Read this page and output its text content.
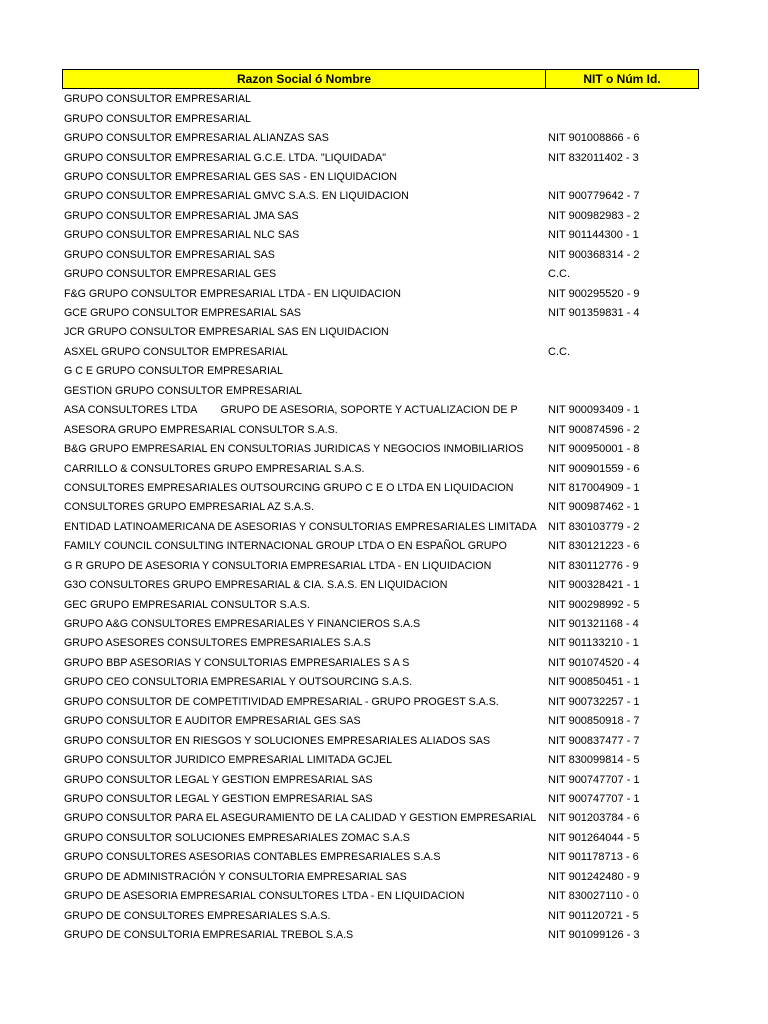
Razon Social ó Nombre	NIT o Núm Id.
GRUPO CONSULTOR EMPRESARIAL
GRUPO CONSULTOR EMPRESARIAL
GRUPO CONSULTOR EMPRESARIAL ALIANZAS SAS	NIT 901008866 - 6
GRUPO CONSULTOR EMPRESARIAL G.C.E. LTDA. "LIQUIDADA"	NIT 832011402 - 3
GRUPO CONSULTOR EMPRESARIAL GES SAS - EN LIQUIDACION
GRUPO CONSULTOR EMPRESARIAL GMVC S.A.S. EN LIQUIDACION	NIT 900779642 - 7
GRUPO CONSULTOR EMPRESARIAL JMA SAS	NIT 900982983 - 2
GRUPO CONSULTOR EMPRESARIAL NLC SAS	NIT 901144300 - 1
GRUPO CONSULTOR EMPRESARIAL SAS	NIT 900368314 - 2
GRUPO CONSULTOR EMPRESARIAL GES	C.C.
F&G GRUPO CONSULTOR EMPRESARIAL LTDA - EN LIQUIDACION	NIT 900295520 - 9
GCE GRUPO CONSULTOR EMPRESARIAL SAS	NIT 901359831 - 4
JCR GRUPO CONSULTOR EMPRESARIAL SAS EN LIQUIDACION
ASXEL GRUPO CONSULTOR EMPRESARIAL	C.C.
G C E GRUPO CONSULTOR EMPRESARIAL
GESTION GRUPO CONSULTOR EMPRESARIAL
ASA CONSULTORES LTDA        GRUPO DE ASESORIA, SOPORTE Y ACTUALIZACION DE P	NIT 900093409 - 1
ASESORA GRUPO EMPRESARIAL CONSULTOR S.A.S.	NIT 900874596 - 2
B&G GRUPO EMPRESARIAL EN CONSULTORIAS JURIDICAS Y NEGOCIOS INMOBILIARIOS	NIT 900950001 - 8
CARRILLO & CONSULTORES GRUPO EMPRESARIAL S.A.S.	NIT 900901559 - 6
CONSULTORES EMPRESARIALES OUTSOURCING GRUPO C E O LTDA EN LIQUIDACION	NIT 817004909 - 1
CONSULTORES GRUPO EMPRESARIAL AZ S.A.S.	NIT 900987462 - 1
ENTIDAD LATINOAMERICANA DE ASESORIAS Y CONSULTORIAS EMPRESARIALES LIMITADA	NIT 830103779 - 2
FAMILY COUNCIL CONSULTING INTERNACIONAL GROUP LTDA O EN ESPAÑOL GRUPO	NIT 830121223 - 6
G R GRUPO DE ASESORIA Y CONSULTORIA EMPRESARIAL LTDA - EN LIQUIDACION	NIT 830112776 - 9
G3O CONSULTORES GRUPO EMPRESARIAL & CIA. S.A.S. EN LIQUIDACION	NIT 900328421 - 1
GEC GRUPO EMPRESARIAL CONSULTOR S.A.S.	NIT 900298992 - 5
GRUPO A&G CONSULTORES EMPRESARIALES Y FINANCIEROS S.A.S	NIT 901321168 - 4
GRUPO ASESORES CONSULTORES EMPRESARIALES S.A.S	NIT 901133210 - 1
GRUPO BBP ASESORIAS Y CONSULTORIAS EMPRESARIALES S A S	NIT 901074520 - 4
GRUPO CEO CONSULTORIA EMPRESARIAL Y OUTSOURCING S.A.S.	NIT 900850451 - 1
GRUPO CONSULTOR DE COMPETITIVIDAD EMPRESARIAL - GRUPO PROGEST S.A.S.	NIT 900732257 - 1
GRUPO CONSULTOR E AUDITOR EMPRESARIAL GES SAS	NIT 900850918 - 7
GRUPO CONSULTOR EN RIESGOS Y SOLUCIONES EMPRESARIALES ALIADOS SAS	NIT 900837477 - 7
GRUPO CONSULTOR JURIDICO EMPRESARIAL LIMITADA GCJEL	NIT 830099814 - 5
GRUPO CONSULTOR LEGAL Y GESTION EMPRESARIAL SAS	NIT 900747707 - 1
GRUPO CONSULTOR LEGAL Y GESTION EMPRESARIAL SAS	NIT 900747707 - 1
GRUPO CONSULTOR PARA EL ASEGURAMIENTO DE LA CALIDAD Y GESTION EMPRESARIAL	NIT 901203784 - 6
GRUPO CONSULTOR SOLUCIONES EMPRESARIALES ZOMAC S.A.S	NIT 901264044 - 5
GRUPO CONSULTORES ASESORIAS CONTABLES EMPRESARIALES S.A.S	NIT 901178713 - 6
GRUPO DE ADMINISTRACIÓN Y CONSULTORIA EMPRESARIAL SAS	NIT 901242480 - 9
GRUPO DE ASESORIA EMPRESARIAL CONSULTORES LTDA - EN LIQUIDACION	NIT 830027110 - 0
GRUPO DE CONSULTORES EMPRESARIALES S.A.S.	NIT 901120721 - 5
GRUPO DE CONSULTORIA EMPRESARIAL TREBOL S.A.S	NIT 901099126 - 3
